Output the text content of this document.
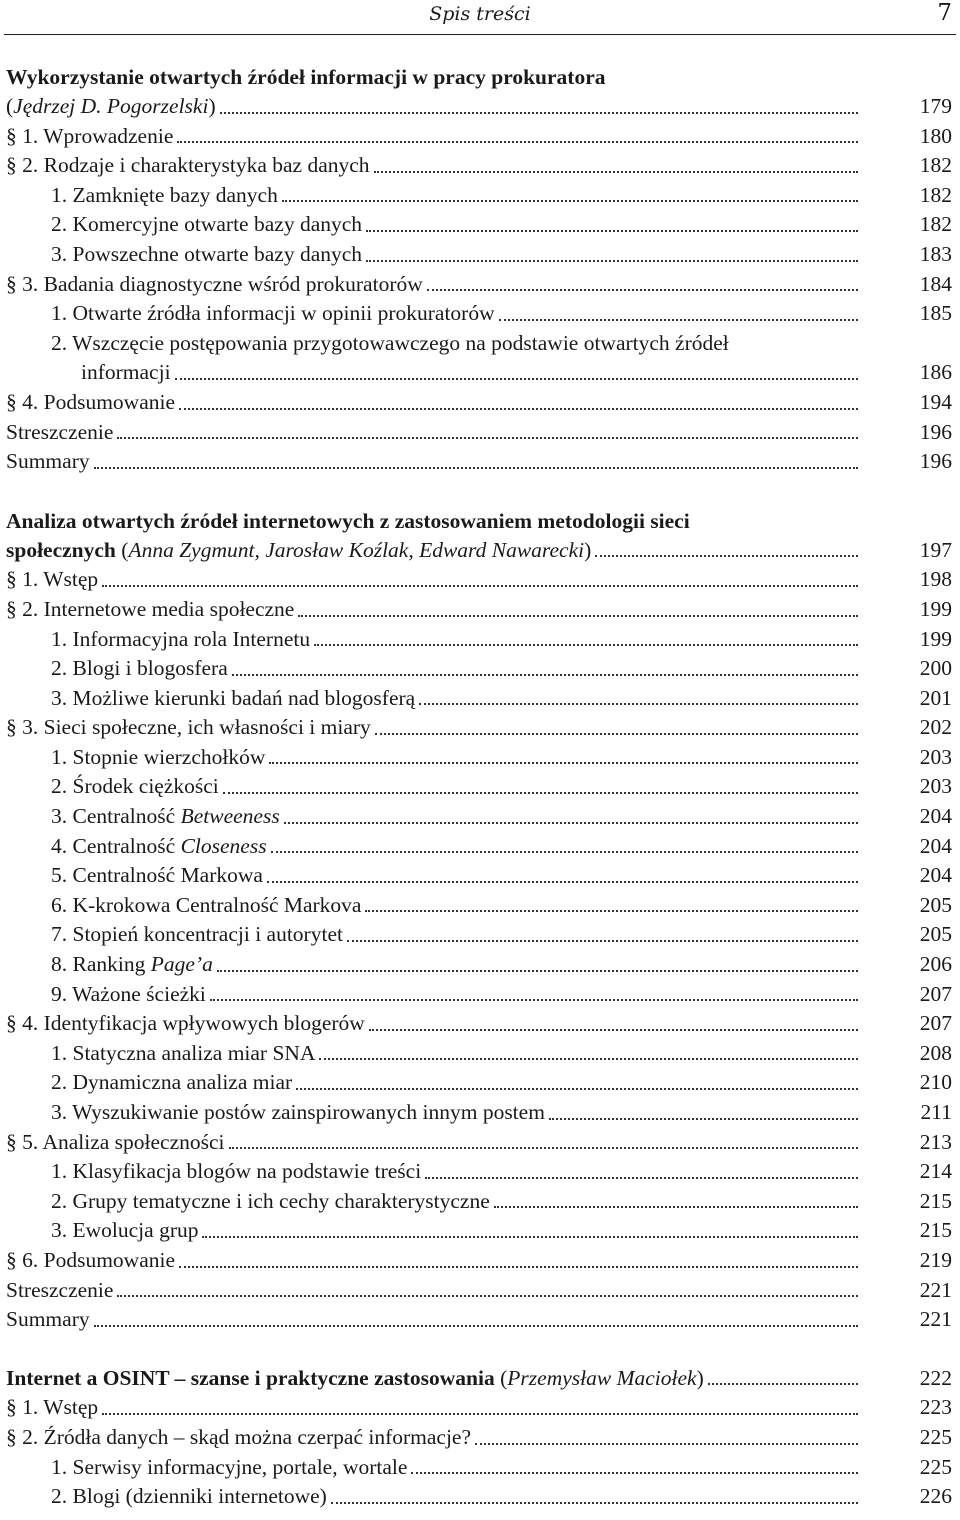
Spis treści	7
Wykorzystanie otwartych źródeł informacji w pracy prokuratora
(Jędrzej D. Pogorzelski)	179
§ 1. Wprowadzenie	180
§ 2. Rodzaje i charakterystyka baz danych	182
1. Zamknięte bazy danych	182
2. Komercyjne otwarte bazy danych	182
3. Powszechne otwarte bazy danych	183
§ 3. Badania diagnostyczne wśród prokuratorów	184
1. Otwarte źródła informacji w opinii prokuratorów	185
2. Wszczęcie postępowania przygotowawczego na podstawie otwartych źródeł
informacji	186
§ 4. Podsumowanie	194
Streszczenie	196
Summary	196
Analiza otwartych źródeł internetowych z zastosowaniem metodologii sieci
społecznych (Anna Zygmunt, Jarosław Koźlak, Edward Nawarecki)	197
§ 1. Wstęp	198
§ 2. Internetowe media społeczne	199
1. Informacyjna rola Internetu	199
2. Blogi i blogosfera	200
3. Możliwe kierunki badań nad blogosferą	201
§ 3. Sieci społeczne, ich własności i miary	202
1. Stopnie wierzchołków	203
2. Środek ciężkości	203
3. Centralność Betweeness	204
4. Centralność Closeness	204
5. Centralność Markowa	204
6. K-krokowa Centralność Markova	205
7. Stopień koncentracji i autorytet	205
8. Ranking Page’a	206
9. Ważone ścieżki	207
§ 4. Identyfikacja wpływowych blogerów	207
1. Statyczna analiza miar SNA	208
2. Dynamiczna analiza miar	210
3. Wyszukiwanie postów zainspirowanych innym postem	211
§ 5. Analiza społeczności	213
1. Klasyfikacja blogów na podstawie treści	214
2. Grupy tematyczne i ich cechy charakterystyczne	215
3. Ewolucja grup	215
§ 6. Podsumowanie	219
Streszczenie	221
Summary	221
Internet a OSINT – szanse i praktyczne zastosowania (Przemysław Maciołek)	222
§ 1. Wstęp	223
§ 2. Źródła danych – skąd można czerpać informacje?	225
1. Serwisy informacyjne, portale, wortale	225
2. Blogi (dzienniki internetowe)	226
